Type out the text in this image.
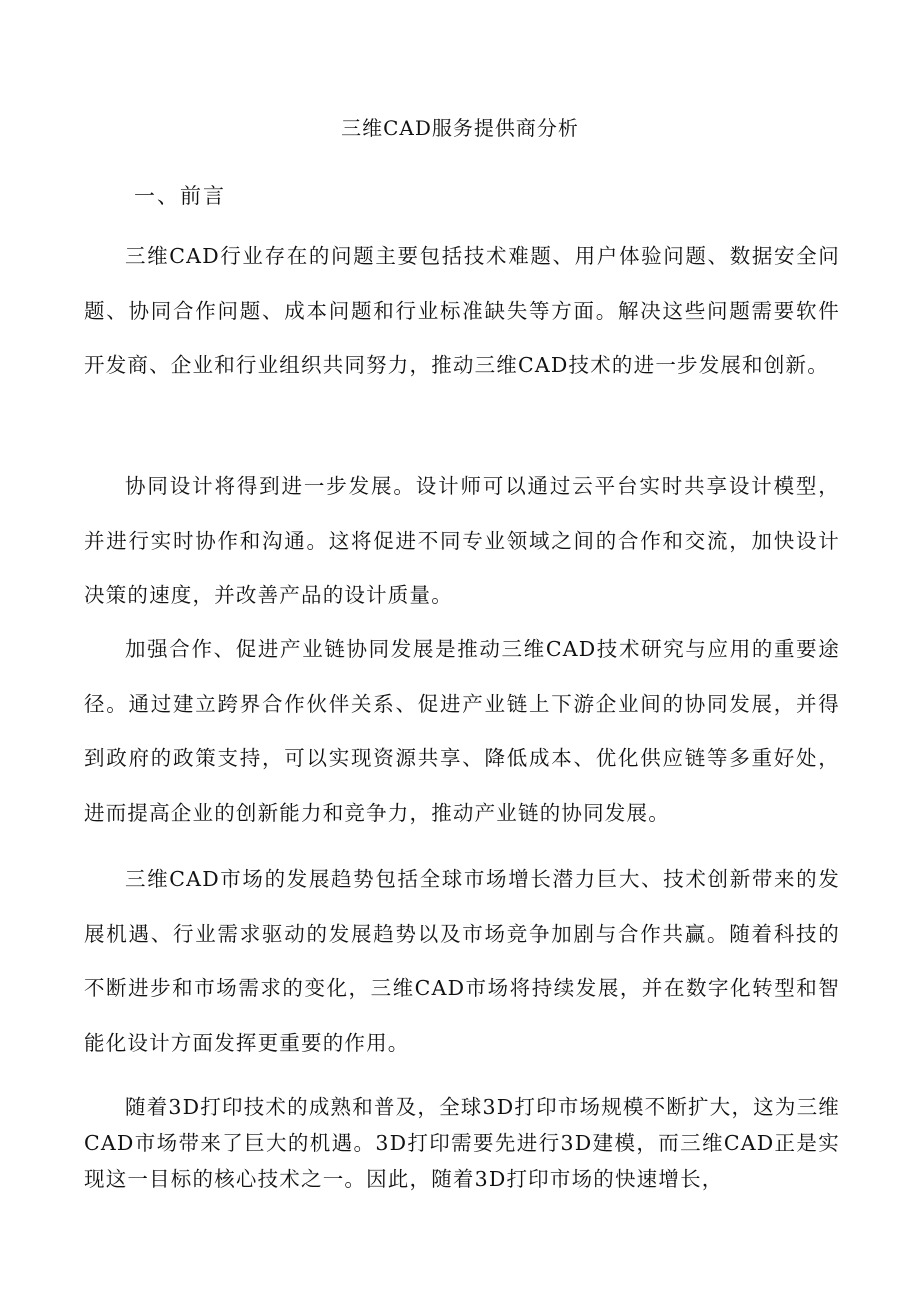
三维CAD服务提供商分析
一、前言

三维CAD行业存在的问题主要包括技术难题、用户体验问题、数据安全问题、协同合作问题、成本问题和行业标准缺失等方面。解决这些问题需要软件开发商、企业和行业组织共同努力，推动三维CAD技术的进一步发展和创新。

协同设计将得到进一步发展。设计师可以通过云平台实时共享设计模型，并进行实时协作和沟通。这将促进不同专业领域之间的合作和交流，加快设计决策的速度，并改善产品的设计质量。

加强合作、促进产业链协同发展是推动三维CAD技术研究与应用的重要途径。通过建立跨界合作伙伴关系、促进产业链上下游企业间的协同发展，并得到政府的政策支持，可以实现资源共享、降低成本、优化供应链等多重好处，进而提高企业的创新能力和竞争力，推动产业链的协同发展。

三维CAD市场的发展趋势包括全球市场增长潜力巨大、技术创新带来的发展机遇、行业需求驱动的发展趋势以及市场竞争加剧与合作共赢。随着科技的不断进步和市场需求的变化，三维CAD市场将持续发展，并在数字化转型和智能化设计方面发挥更重要的作用。

随着3D打印技术的成熟和普及，全球3D打印市场规模不断扩大，这为三维CAD市场带来了巨大的机遇。3D打印需要先进行3D建模，而三维CAD正是实现这一目标的核心技术之一。因此，随着3D打印市场的快速增长，
